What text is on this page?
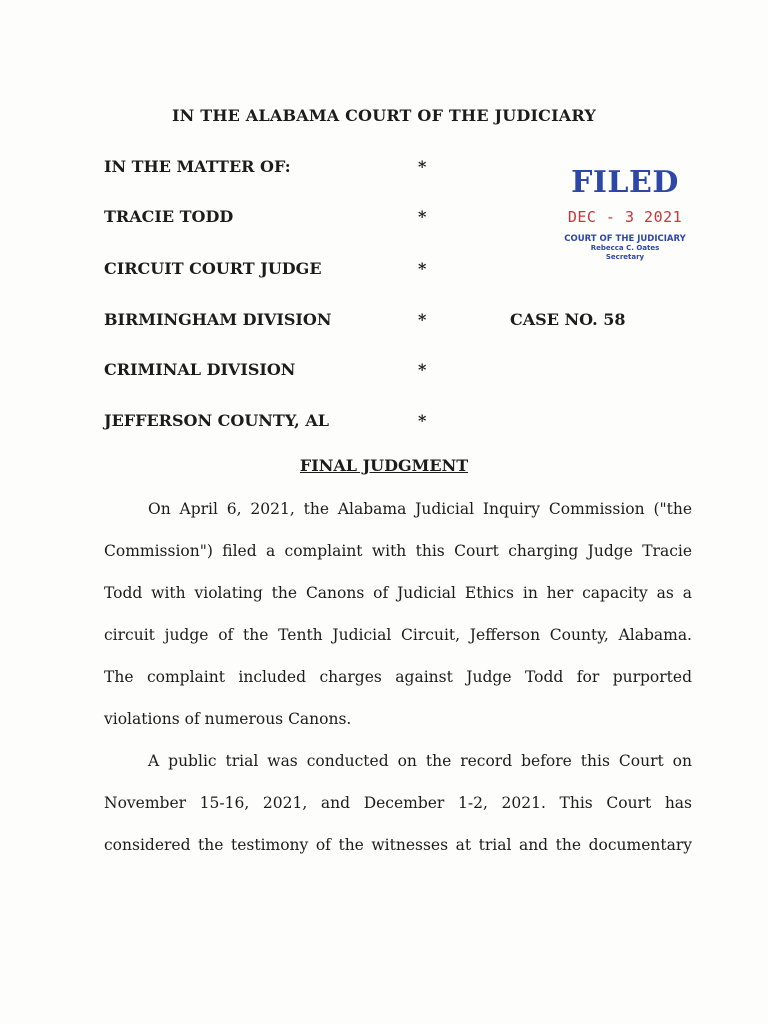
IN THE ALABAMA COURT OF THE JUDICIARY
IN THE MATTER OF:	*
TRACIE TODD	*
CIRCUIT COURT JUDGE	*
BIRMINGHAM DIVISION	*
CRIMINAL DIVISION	*
JEFFERSON COUNTY, AL	*
FILED
DEC - 3 2021
COURT OF THE JUDICIARY
Rebecca C. Oates
Secretary
CASE NO. 58
FINAL JUDGMENT
On April 6, 2021, the Alabama Judicial Inquiry Commission ("the
Commission") filed a complaint with this Court charging Judge Tracie
Todd with violating the Canons of Judicial Ethics in her capacity as a
circuit judge of the Tenth Judicial Circuit, Jefferson County, Alabama.
The complaint included charges against Judge Todd for purported
violations of numerous Canons.
A public trial was conducted on the record before this Court on
November 15-16, 2021, and December 1-2, 2021. This Court has
considered the testimony of the witnesses at trial and the documentary
